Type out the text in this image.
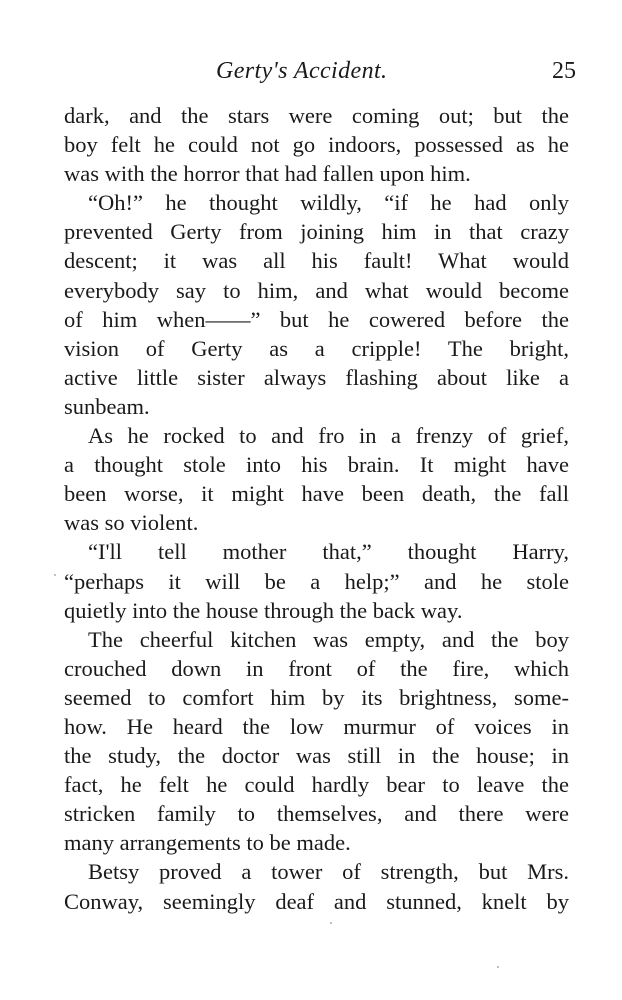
Gerty's Accident.	25
dark, and the stars were coming out; but the
boy felt he could not go indoors, possessed as he
was with the horror that had fallen upon him.
“Oh!” he thought wildly, “if he had only
prevented Gerty from joining him in that crazy
descent; it was all his fault! What would
everybody say to him, and what would become
of him when——” but he cowered before the
vision of Gerty as a cripple! The bright,
active little sister always flashing about like a
sunbeam.
As he rocked to and fro in a frenzy of grief,
a thought stole into his brain. It might have
been worse, it might have been death, the fall
was so violent.
“I'll tell mother that,” thought Harry,
“perhaps it will be a help;” and he stole
quietly into the house through the back way.
The cheerful kitchen was empty, and the boy
crouched down in front of the fire, which
seemed to comfort him by its brightness, some-
how. He heard the low murmur of voices in
the study, the doctor was still in the house; in
fact, he felt he could hardly bear to leave the
stricken family to themselves, and there were
many arrangements to be made.
Betsy proved a tower of strength, but Mrs.
Conway, seemingly deaf and stunned, knelt by
